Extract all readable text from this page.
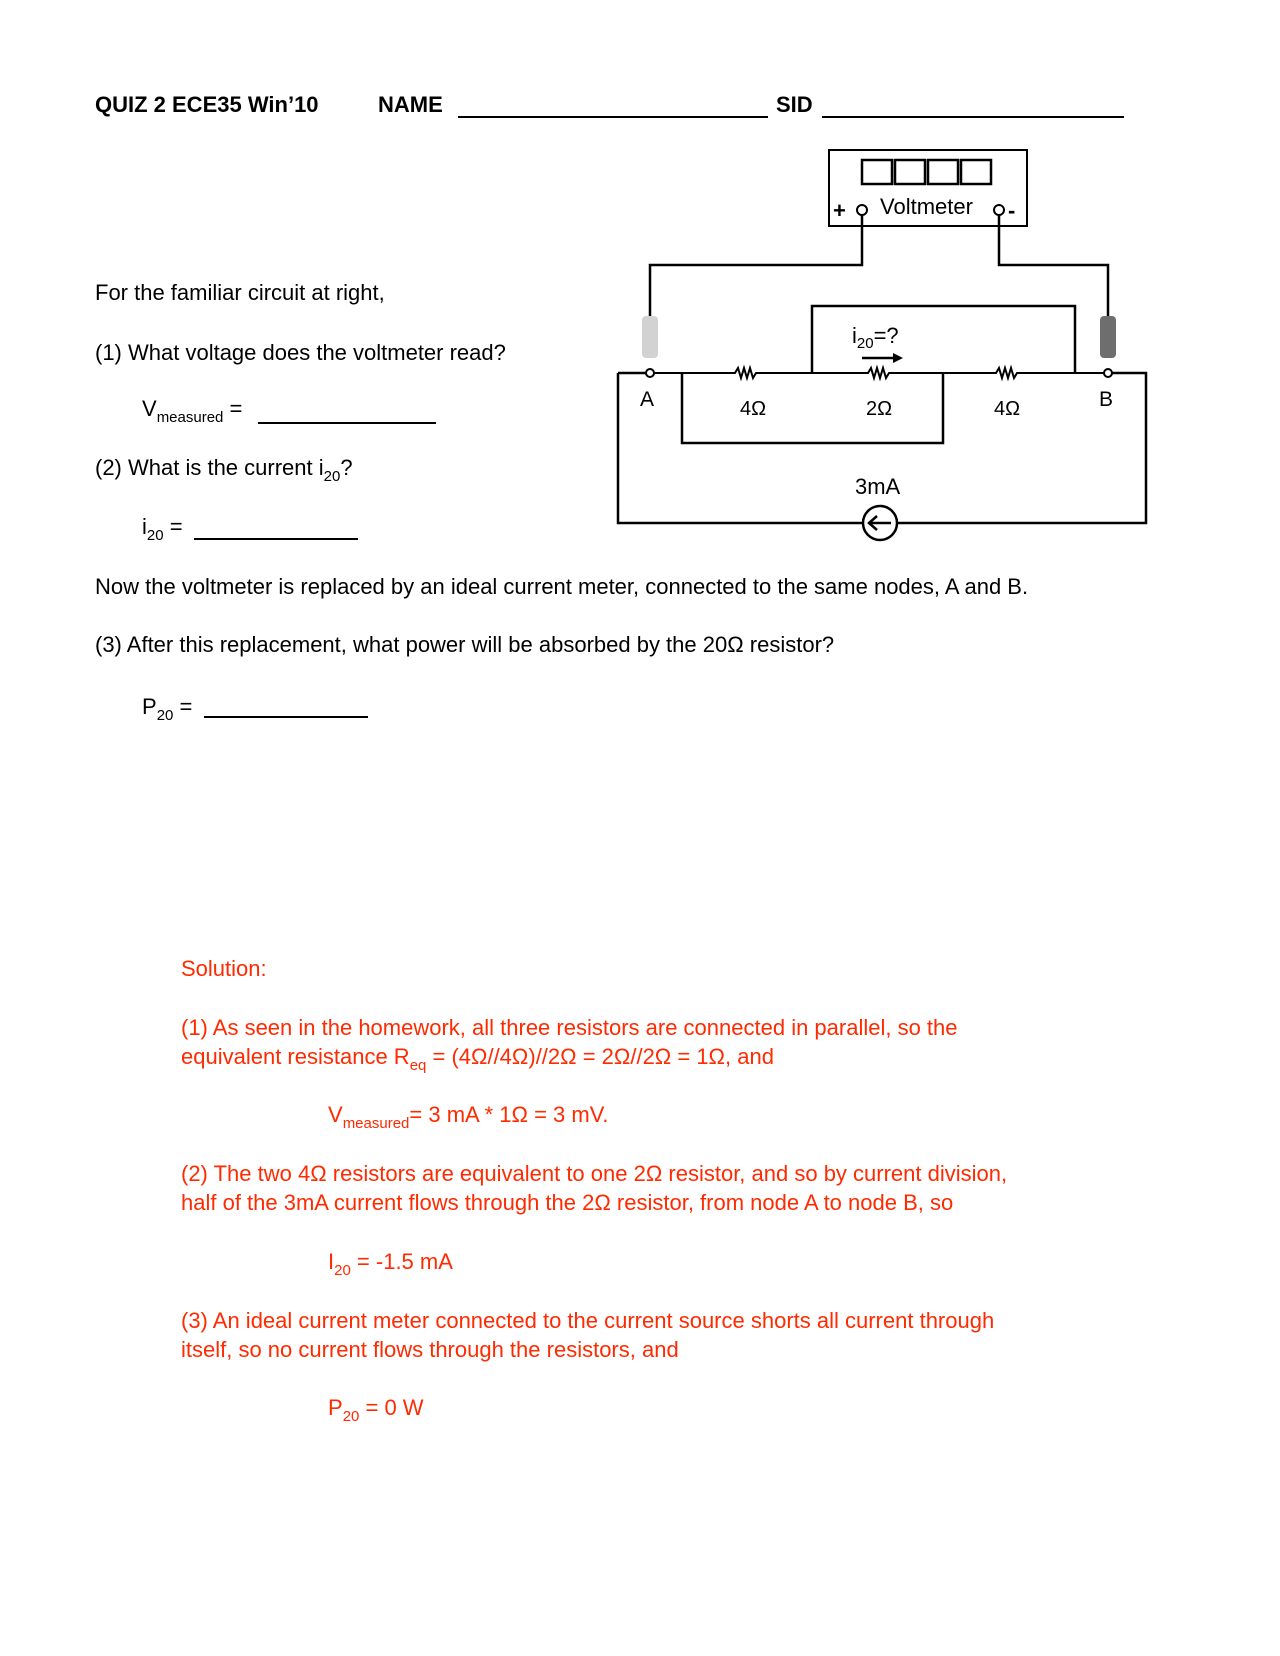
QUIZ 2 ECE35 Win’10	NAME	SID
For the familiar circuit at right,
(1) What voltage does the voltmeter read?
$V_{measured}$ =
(2) What is the current $i_{20}$?
$i_{20}$ =
Now the voltmeter is replaced by an ideal current meter, connected to the same nodes, A and B.
(3) After this replacement, what power will be absorbed by the 20Ω resistor?
$P_{20}$ =
Voltmeter
+	-
A	B
4Ω	2Ω	4Ω
$i_{20}=$?
3mA
Solution:
(1) As seen in the homework, all three resistors are connected in parallel, so the
equivalent resistance $R_{eq} = (4\Omega//4\Omega)//2\Omega = 2\Omega//2\Omega = 1\Omega$, and
$V_{measured}= 3$ mA * 1Ω = 3 mV.
(2) The two 4Ω resistors are equivalent to one 2Ω resistor, and so by current division,
half of the 3mA current flows through the 2Ω resistor, from node A to node B, so
$I_{20} = -1.5$ mA
(3) An ideal current meter connected to the current source shorts all current through
itself, so no current flows through the resistors, and
$P_{20} = 0$ W
